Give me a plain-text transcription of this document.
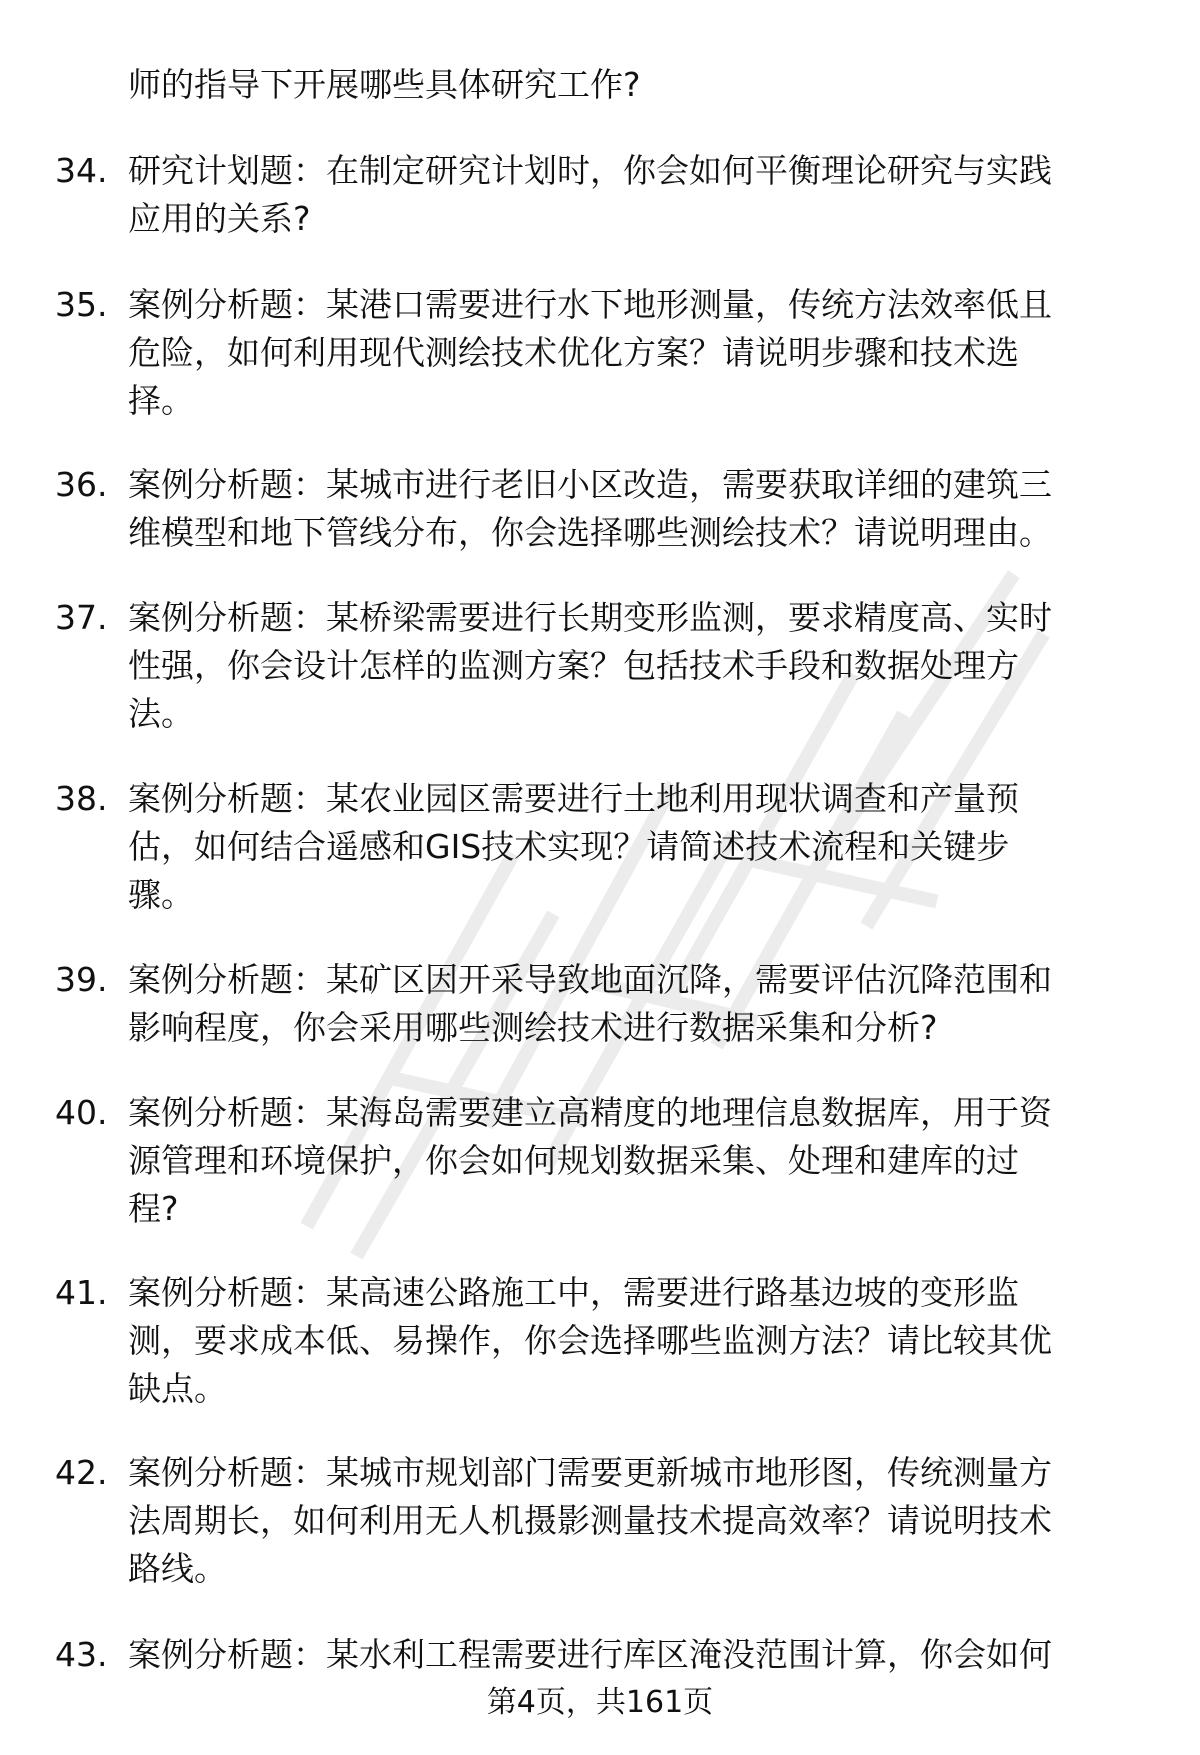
师的指导下开展哪些具体研究工作?
34. 研究计划题：在制定研究计划时，你会如何平衡理论研究与实践
应用的关系?
35. 案例分析题：某港口需要进行水下地形测量，传统方法效率低且
危险，如何利用现代测绘技术优化方案？请说明步骤和技术选
择。
36. 案例分析题：某城市进行老旧小区改造，需要获取详细的建筑三
维模型和地下管线分布，你会选择哪些测绘技术？请说明理由。
37. 案例分析题：某桥梁需要进行长期变形监测，要求精度高、实时
性强，你会设计怎样的监测方案？包括技术手段和数据处理方
法。
38. 案例分析题：某农业园区需要进行土地利用现状调查和产量预
估，如何结合遥感和GIS技术实现？请简述技术流程和关键步
骤。
39. 案例分析题：某矿区因开采导致地面沉降，需要评估沉降范围和
影响程度，你会采用哪些测绘技术进行数据采集和分析?
40. 案例分析题：某海岛需要建立高精度的地理信息数据库，用于资
源管理和环境保护，你会如何规划数据采集、处理和建库的过
程?
41. 案例分析题：某高速公路施工中，需要进行路基边坡的变形监
测，要求成本低、易操作，你会选择哪些监测方法？请比较其优
缺点。
42. 案例分析题：某城市规划部门需要更新城市地形图，传统测量方
法周期长，如何利用无人机摄影测量技术提高效率？请说明技术
路线。
43. 案例分析题：某水利工程需要进行库区淹没范围计算，你会如何
第4页，共161页
